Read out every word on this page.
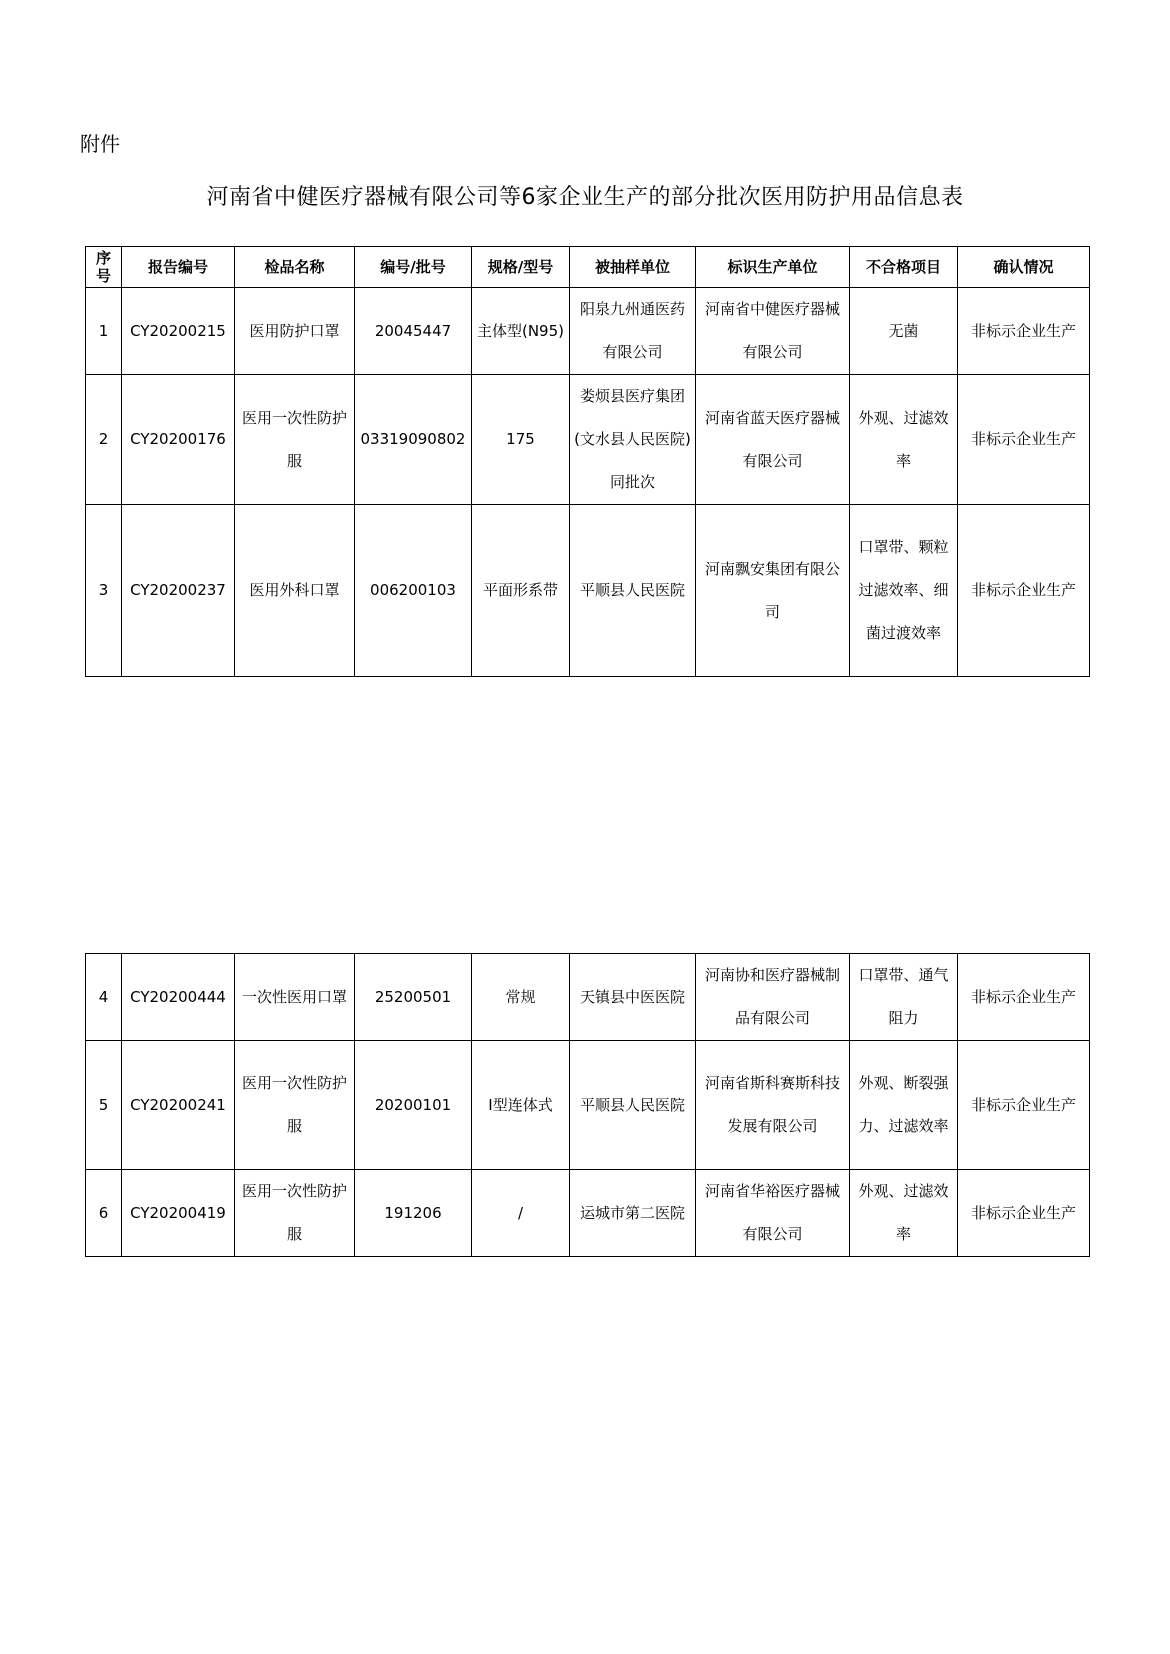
附件
河南省中健医疗器械有限公司等6家企业生产的部分批次医用防护用品信息表
序号	报告编号	检品名称	编号/批号	规格/型号	被抽样单位	标识生产单位	不合格项目	确认情况
1	CY20200215	医用防护口罩	20045447	主体型(N95)	阳泉九州通医药有限公司	河南省中健医疗器械有限公司	无菌	非标示企业生产
2	CY20200176	医用一次性防护服	03319090802	175	娄烦县医疗集团(文水县人民医院)同批次	河南省蓝天医疗器械有限公司	外观、过滤效率	非标示企业生产
3	CY20200237	医用外科口罩	006200103	平面形系带	平顺县人民医院	河南飘安集团有限公司	口罩带、颗粒过滤效率、细菌过渡效率	非标示企业生产
4	CY20200444	一次性医用口罩	25200501	常规	天镇县中医医院	河南协和医疗器械制品有限公司	口罩带、通气阻力	非标示企业生产
5	CY20200241	医用一次性防护服	20200101	I型连体式	平顺县人民医院	河南省斯科赛斯科技发展有限公司	外观、断裂强力、过滤效率	非标示企业生产
6	CY20200419	医用一次性防护服	191206	/	运城市第二医院	河南省华裕医疗器械有限公司	外观、过滤效率	非标示企业生产
